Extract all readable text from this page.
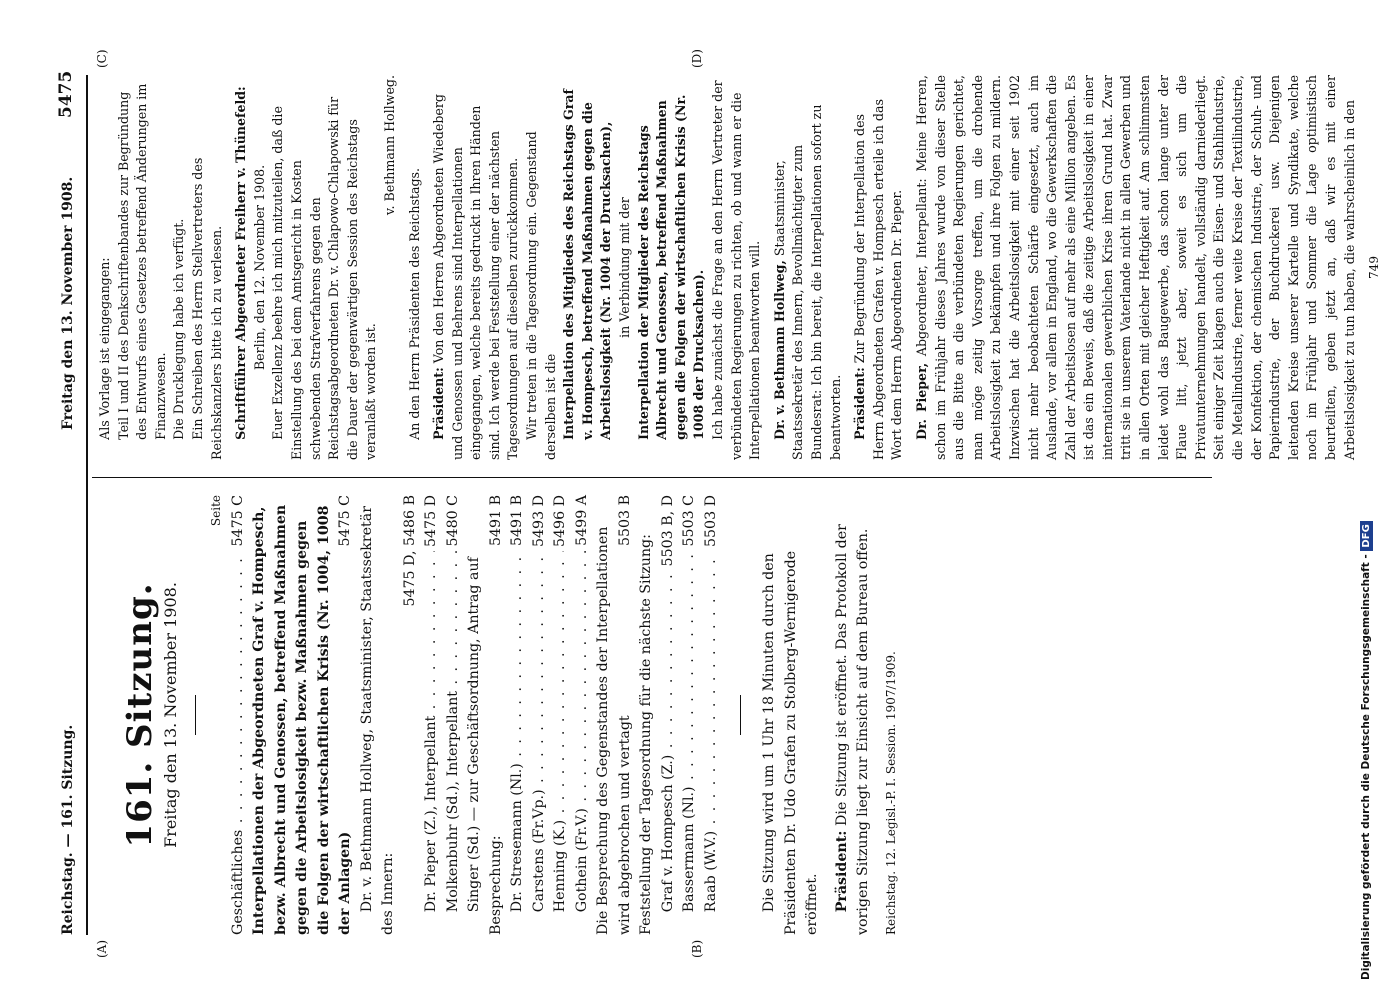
Reichstag. — 161. Sitzung.
Freitag den 13. November 1908.
5475
(A)	(B)
(C)	(D)
161. Sitzung. Freitag den 13. November 1908.
Seite
Geschäftliches . . .
5475 C Interpellationen der Abgeordneten Graf v. Hompesch, bezw. Albrecht und Genossen, betreffend Maßnahmen gegen die Arbeitslosigkeit bezw. Maßnahmen gegen die Folgen der wirtschaftlichen Krisis (Nr. 1004, 1008 der Anlagen)
5475 C Dr. v. Bethmann Hollweg, Staatsminister, Staatssekretär des Innern:
5475 D, 5486 B
Dr. Pieper (Z.), Interpellant . . .
5475 D
Molkenbuhr (Sd.), Interpellant . . .
5480 C
Singer (Sd.) — zur Geschäftsordnung, Antrag auf Besprechung:
5491 B
Dr. Stresemann (Nl.) . . .
5491 B
Carstens (Fr.Vp.) . . .
5493 D
Henning (K.) . . .
5496 D
Gothein (Fr.V.) . . .
5499 A
Die Besprechung des Gegenstandes der Interpellationen wird abgebrochen und vertagt
5503 B
Feststellung der Tagesordnung für die nächste Sitzung: Graf v. Hompesch (Z.) . . .
5503 B, D
Bassermann (Nl.) . . .
5503 C
Raab (W.V.) . . .
5503 D

Die Sitzung wird um 1 Uhr 18 Minuten durch den Präsidenten Dr. Udo Grafen zu Stolberg-Wernigerode eröffnet. Präsident: Die Sitzung ist eröffnet. Das Protokoll der vorigen Sitzung liegt zur Einsicht auf dem Bureau offen. Reichstag. 12. Legisl.-P. I. Session. 1907/1909.

Als Vorlage ist eingegangen: Teil I und II des Denkschriftenbandes zur Begründung des Entwurfs eines Gesetzes betreffend Änderungen im Finanzwesen. Die Drucklegung habe ich verfügt. Ein Schreiben des Herrn Stellvertreters des Reichskanzlers bitte ich zu verlesen. Schriftführer Abgeordneter Freiherr v. Thünefeld: Berlin, den 12. November 1908. Euer Exzellenz beehre ich mich mitzuteilen, daß die Einstellung des bei dem Amtsgericht in Kosten schwebenden Strafverfahrens gegen den Reichstagsabgeordneten Dr. v. Chlapowo-Chlapowski für die Dauer der gegenwärtigen Session des Reichstags veranlaßt worden ist.

v. Bethmann Hollweg.

An den Herrn Präsidenten des Reichstags. Präsident: Von den Herren Abgeordneten Wiedeberg und Genossen und Behrens sind Interpellationen eingegangen, welche bereits gedruckt in Ihren Händen sind. Ich werde bei Feststellung einer der nächsten Tagesordnungen auf dieselben zurückkommen. Wir treten in die Tagesordnung ein. Gegenstand derselben ist die Interpellation des Mitgliedes des Reichstags Graf v. Hompesch, betreffend Maßnahmen gegen die Arbeitslosigkeit (Nr. 1004 der Drucksachen), in Verbindung mit der Interpellation der Mitglieder des Reichstags Albrecht und Genossen, betreffend Maßnahmen gegen die Folgen der wirtschaftlichen Krisis (Nr. 1008 der Drucksachen). Ich habe zunächst die Frage an den Herrn Vertreter der verbündeten Regierungen zu richten, ob und wann er die Interpellationen beantworten will. Dr. v. Bethmann Hollweg, Staatsminister, Staatssekretär des Innern, Bevollmächtigter zum Bundesrat: Ich bin bereit, die Interpellationen sofort zu beantworten. Präsident: Zur Begründung der Interpellation des Herrn Abgeordneten Grafen v. Hompesch erteile ich das Wort dem Herrn Abgeordneten Dr. Pieper. Dr. Pieper, Abgeordneter, Interpellant: Meine Herren, schon im Frühjahr dieses Jahres wurde von dieser Stelle aus die Bitte an die verbündeten Regierungen gerichtet, man möge zeitig Vorsorge treffen, um die drohende Arbeitslosigkeit zu bekämpfen und ihre Folgen zu mildern. Inzwischen hat die Arbeitslosigkeit mit einer seit 1902 nicht mehr beobachteten Schärfe eingesetzt, auch im Auslande, vor allem in England, wo die Gewerkschaften die Zahl der Arbeitslosen auf mehr als eine Million angeben. Es ist das ein Beweis, daß die zeitige Arbeitslosigkeit in einer internationalen gewerblichen Krise ihren Grund hat. Zwar tritt sie in unserem Vaterlande nicht in allen Gewerben und in allen Orten mit gleicher Heftigkeit auf. Am schlimmsten leidet wohl das Baugewerbe, das schon lange unter der Flaue litt, jetzt aber, soweit es sich um die Privatunternehmungen handelt, vollständig darniederliegt. Seit einiger Zeit klagen auch die Eisen- und Stahlindustrie, die Metallindustrie, ferner weite Kreise der Textilindustrie, der Konfektion, der chemischen Industrie, der Schuh- und Papierindustrie, der Buchdruckerei usw. Diejenigen leitenden Kreise unserer Kartelle und Syndikate, welche noch im Frühjahr und Sommer die Lage optimistisch beurteilten, geben jetzt an, daß wir es mit einer Arbeitslosigkeit zu tun haben, die wahrscheinlich in den 749

Digitalisierung gefördert durch die Deutsche Forschungsgemeinschaft - DFG
